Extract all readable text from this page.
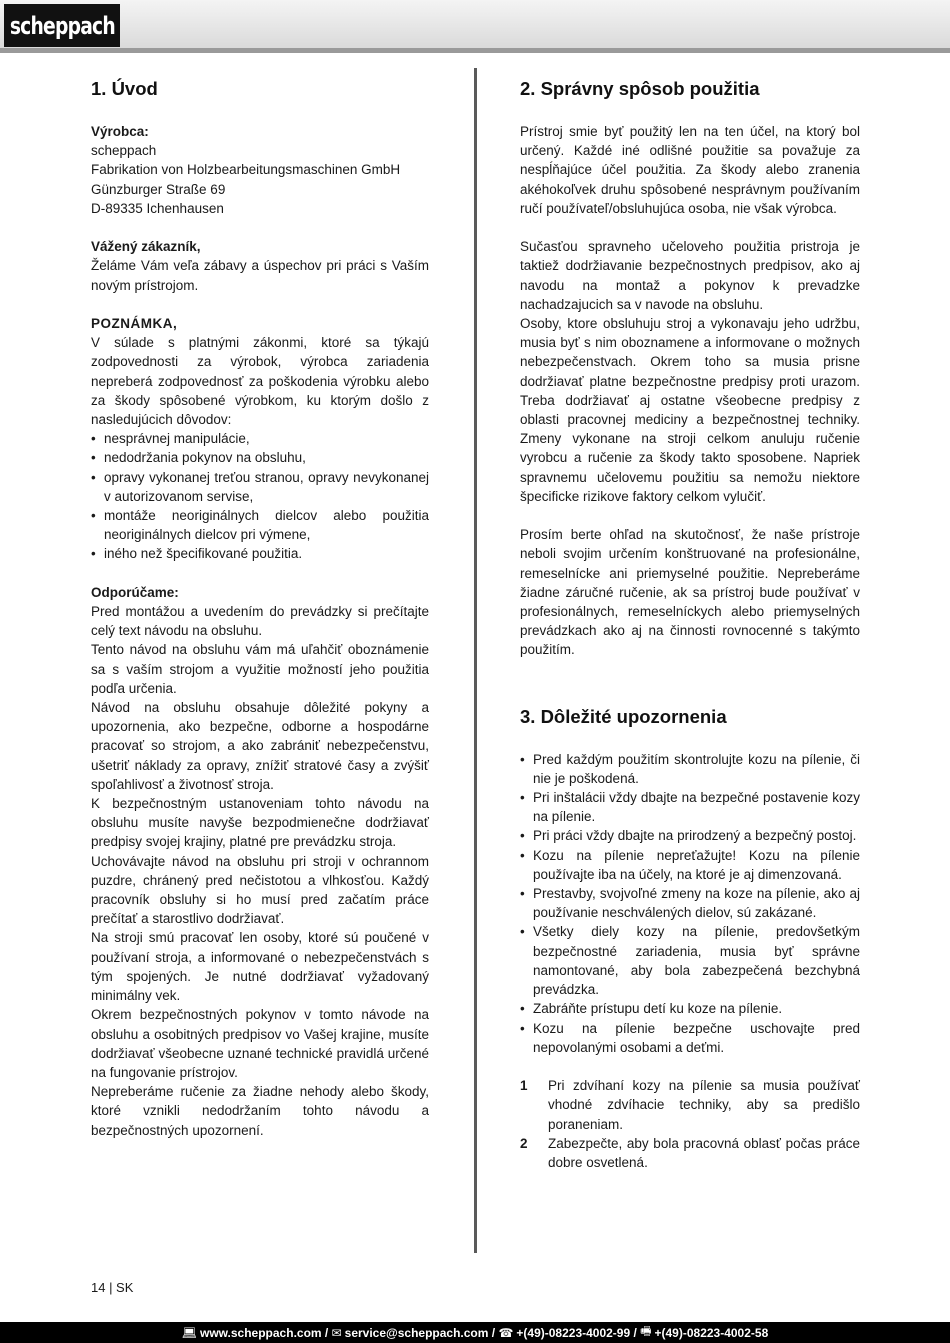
scheppach
1. Úvod
Výrobca:
scheppach
Fabrikation von Holzbearbeitungsmaschinen GmbH
Günzburger Straße 69
D-89335 Ichenhausen
Vážený zákazník,

Želáme Vám veľa zábavy a úspechov pri práci s Vaším novým prístrojom.

POZNÁMKA,

V súlade s platnými zákonmi, ktoré sa týkajú zodpovednosti za výrobok, výrobca zariadenia nepreberá zodpovednosť za poškodenia výrobku alebo za škody spôsobené výrobkom, ku ktorým došlo z nasledujúcich dôvodov:

• nesprávnej manipulácie,
• nedodržania pokynov na obsluhu,
• opravy vykonanej treťou stranou, opravy nevykonanej v autorizovanom servise,
• montáže neoriginálnych dielcov alebo použitia neoriginálnych dielcov pri výmene,
• iného než špecifikované použitia.
Odporúčame:

Pred montážou a uvedením do prevádzky si prečítajte celý text návodu na obsluhu.

Tento návod na obsluhu vám má uľahčiť oboznámenie sa s vaším strojom a využitie možností jeho použitia podľa určenia.

Návod na obsluhu obsahuje dôležité pokyny a upozornenia, ako bezpečne, odborne a hospodárne pracovať so strojom, a ako zabrániť nebezpečenstvu, ušetriť náklady za opravy, znížiť stratové časy a zvýšiť spoľahlivosť a životnosť stroja.

K bezpečnostným ustanoveniam tohto návodu na obsluhu musíte navyše bezpodmienečne dodržiavať predpisy svojej krajiny, platné pre prevádzku stroja.

Uchovávajte návod na obsluhu pri stroji v ochrannom puzdre, chránený pred nečistotou a vlhkosťou. Každý pracovník obsluhy si ho musí pred začatím práce prečítať a starostlivo dodržiavať.

Na stroji smú pracovať len osoby, ktoré sú poučené v používaní stroja, a informované o nebezpečenstvách s tým spojených. Je nutné dodržiavať vyžadovaný minimálny vek.

Okrem bezpečnostných pokynov v tomto návode na obsluhu a osobitných predpisov vo Vašej krajine, musíte dodržiavať všeobecne uznané technické pravidlá určené na fungovanie prístrojov.

Nepreberáme ručenie za žiadne nehody alebo škody, ktoré vznikli nedodržaním tohto návodu a bezpečnostných upozornení.

2. Správny spôsob použitia

Prístroj smie byť použitý len na ten účel, na ktorý bol určený. Každé iné odlišné použitie sa považuje za nespĺňajúce účel použitia. Za škody alebo zranenia akéhokoľvek druhu spôsobené nesprávnym používaním ručí používateľ/obsluhujúca osoba, nie však výrobca.

Sučasťou spravneho učeloveho použitia pristroja je taktiež dodržiavanie bezpečnostnych predpisov, ako aj navodu na montaž a pokynov k prevadzke nachadzajucich sa v navode na obsluhu.

Osoby, ktore obsluhuju stroj a vykonavaju jeho udržbu, musia byť s nim oboznamene a informovane o možnych nebezpečenstvach. Okrem toho sa musia prisne dodržiavať platne bezpečnostne predpisy proti urazom. Treba dodržiavať aj ostatne všeobecne predpisy z oblasti pracovnej mediciny a bezpečnostnej techniky. Zmeny vykonane na stroji celkom anuluju ručenie vyrobcu a ručenie za škody takto sposobene. Napriek spravnemu učelovemu použitiu sa nemožu niektore špecificke rizikove faktory celkom vylučiť.

Prosím berte ohľad na skutočnosť, že naše prístroje neboli svojim určením konštruované na profesionálne, remeselnícke ani priemyselné použitie. Nepreberáme žiadne záručné ručenie, ak sa prístroj bude používať v profesionálnych, remeselníckych alebo priemyselných prevádzkach ako aj na činnosti rovnocenné s takýmto použitím.

3. Dôležité upozornenia
• Pred každým použitím skontrolujte kozu na pílenie, či nie je poškodená.
• Pri inštalácii vždy dbajte na bezpečné postavenie kozy na pílenie.
• Pri práci vždy dbajte na prirodzený a bezpečný postoj.
• Kozu na pílenie nepreťažujte! Kozu na pílenie používajte iba na účely, na ktoré je aj dimenzovaná.
• Prestavby, svojvoľné zmeny na koze na pílenie, ako aj používanie neschválených dielov, sú zakázané.
• Všetky diely kozy na pílenie, predovšetkým bezpečnostné zariadenia, musia byť správne namontované, aby bola zabezpečená bezchybná prevádzka.
• Zabráňte prístupu detí ku koze na pílenie.
• Kozu na pílenie bezpečne uschovajte pred nepovolanými osobami a deťmi.
1	Pri zdvíhaní kozy na pílenie sa musia používať vhodné zdvíhacie techniky, aby sa predišlo poraneniam.
2	Zabezpečte, aby bola pracovná oblasť počas práce dobre osvetlená.
14 | SK
💻︎ www.scheppach.com / ✉︎ service@scheppach.com / ☎︎ +(49)-08223-4002-99 / 🖷︎ +(49)-08223-4002-58
